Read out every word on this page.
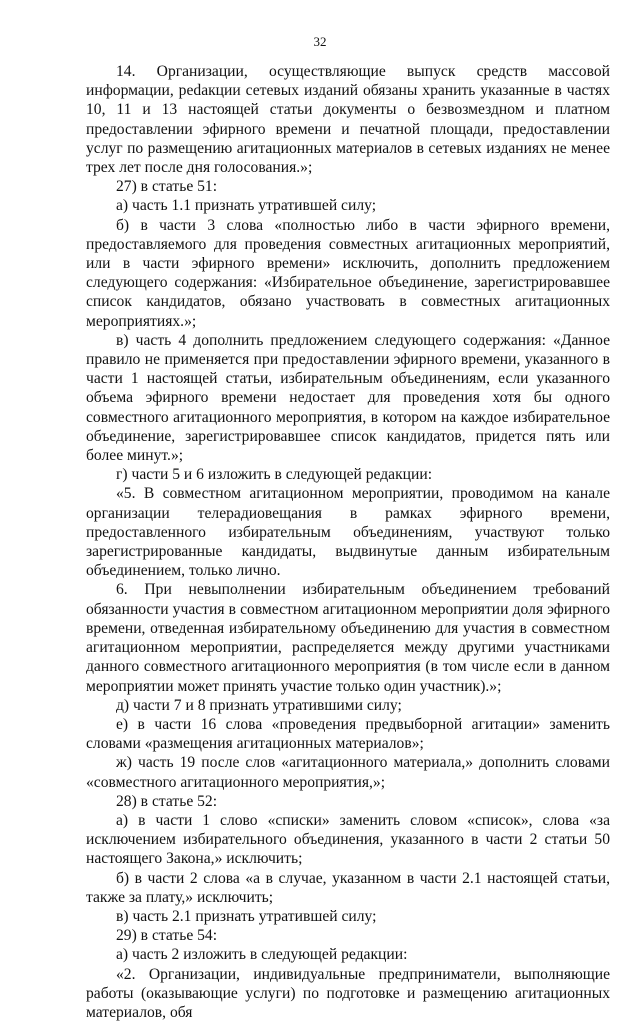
32

14. Организации, осуществляющие выпуск средств массовой информации, реdакции сетевых изданий обязаны хранить указанные в частях 10, 11 и 13 настоящей статьи документы о безвозмездном и платном предоставлении эфирного времени и печатной площади, предоставлении услуг по размещению агитационных материалов в сетевых изданиях не менее трех лет после дня голосования.»;

27) в статье 51:

а) часть 1.1 признать утратившей силу;

б) в части 3 слова «полностью либо в части эфирного времени, предоставляемого для проведения совместных агитационных мероприятий, или в части эфирного времени» исключить, дополнить предложением следующего содержания: «Избирательное объединение, зарегистрировавшее список кандидатов, обязано участвовать в совместных агитационных мероприятиях.»;

в) часть 4 дополнить предложением следующего содержания: «Данное правило не применяется при предоставлении эфирного времени, указанного в части 1 настоящей статьи, избирательным объединениям, если указанного объема эфирного времени недостает для проведения хотя бы одного совместного агитационного мероприятия, в котором на каждое избирательное объединение, зарегистрировавшее список кандидатов, придется пять или более минут.»;

г) части 5 и 6 изложить в следующей редакции:

«5. В совместном агитационном мероприятии, проводимом на канале организации телерадиовещания в рамках эфирного времени, предоставленного избирательным объединениям, участвуют только зарегистрированные кандидаты, выдвинутые данным избирательным объединением, только лично.

6. При невыполнении избирательным объединением требований обязанности участия в совместном агитационном мероприятии доля эфирного времени, отведенная избирательному объединению для участия в совместном агитационном мероприятии, распределяется между другими участниками данного совместного агитационного мероприятия (в том числе если в данном мероприятии может принять участие только один участник).»;

д) части 7 и 8 признать утратившими силу;

е) в части 16 слова «проведения предвыборной агитации» заменить словами «размещения агитационных материалов»;

ж) часть 19 после слов «агитационного материала,» дополнить словами «совместного агитационного мероприятия,»;

28) в статье 52:

а) в части 1 слово «списки» заменить словом «список», слова «за исключением избирательного объединения, указанного в части 2 статьи 50 настоящего Закона,» исключить;

б) в части 2 слова «а в случае, указанном в части 2.1 настоящей статьи, также за плату,» исключить;

в) часть 2.1 признать утратившей силу;

29) в статье 54:

а) часть 2 изложить в следующей редакции:

«2. Организации, индивидуальные предприниматели, выполняющие работы (оказывающие услуги) по подготовке и размещению агитационных материалов, обя
